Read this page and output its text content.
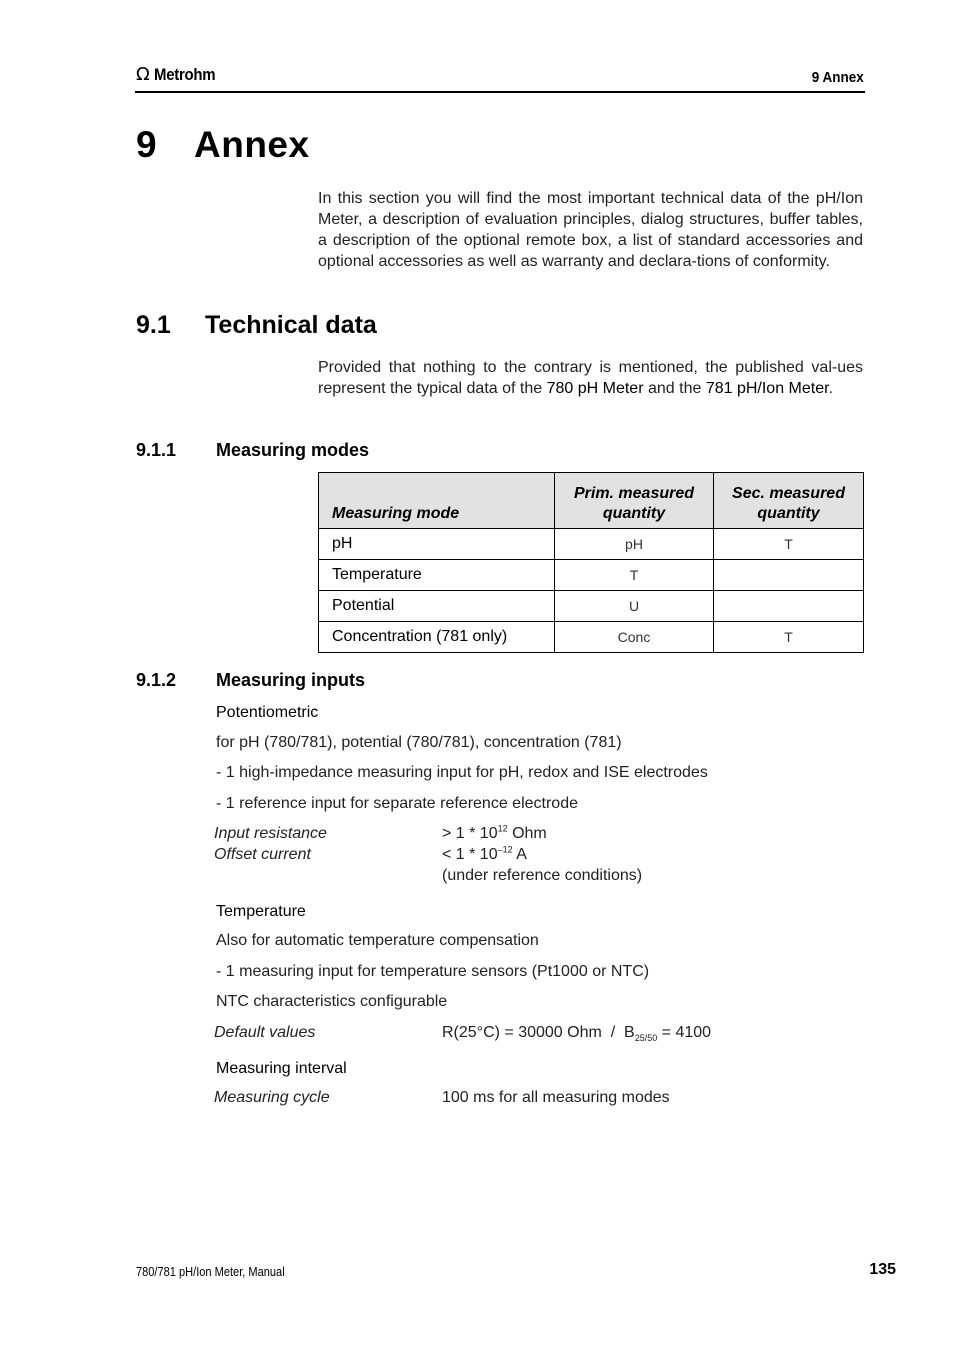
Ω Metrohm	9 Annex
9 Annex
In this section you will find the most important technical data of the pH/Ion Meter, a description of evaluation principles, dialog structures, buffer tables, a description of the optional remote box, a list of standard accessories and optional accessories as well as warranty and declara-tions of conformity.
9.1 Technical data
Provided that nothing to the contrary is mentioned, the published val-ues represent the typical data of the 780 pH Meter and the 781 pH/Ion Meter.
9.1.1 Measuring modes
Measuring mode	Prim. measured quantity	Sec. measured quantity
pH	pH	T
Temperature	T	
Potential	U	
Concentration (781 only)	Conc	T
9.1.2 Measuring inputs
Potentiometric
for pH (780/781), potential (780/781), concentration (781)
- 1 high-impedance measuring input for pH, redox and ISE electrodes
- 1 reference input for separate reference electrode
Input resistance	> $1 * 10^{12}$ Ohm
Offset current	< $1 * 10^{-12}$ A
(under reference conditions)
Temperature
Also for automatic temperature compensation
- 1 measuring input for temperature sensors (Pt1000 or NTC)
NTC characteristics configurable
Default values	R(25°C) = 30000 Ohm  /  $B_{25/50} = 4100$
Measuring interval
Measuring cycle	100 ms for all measuring modes
780/781 pH/Ion Meter, Manual	135
